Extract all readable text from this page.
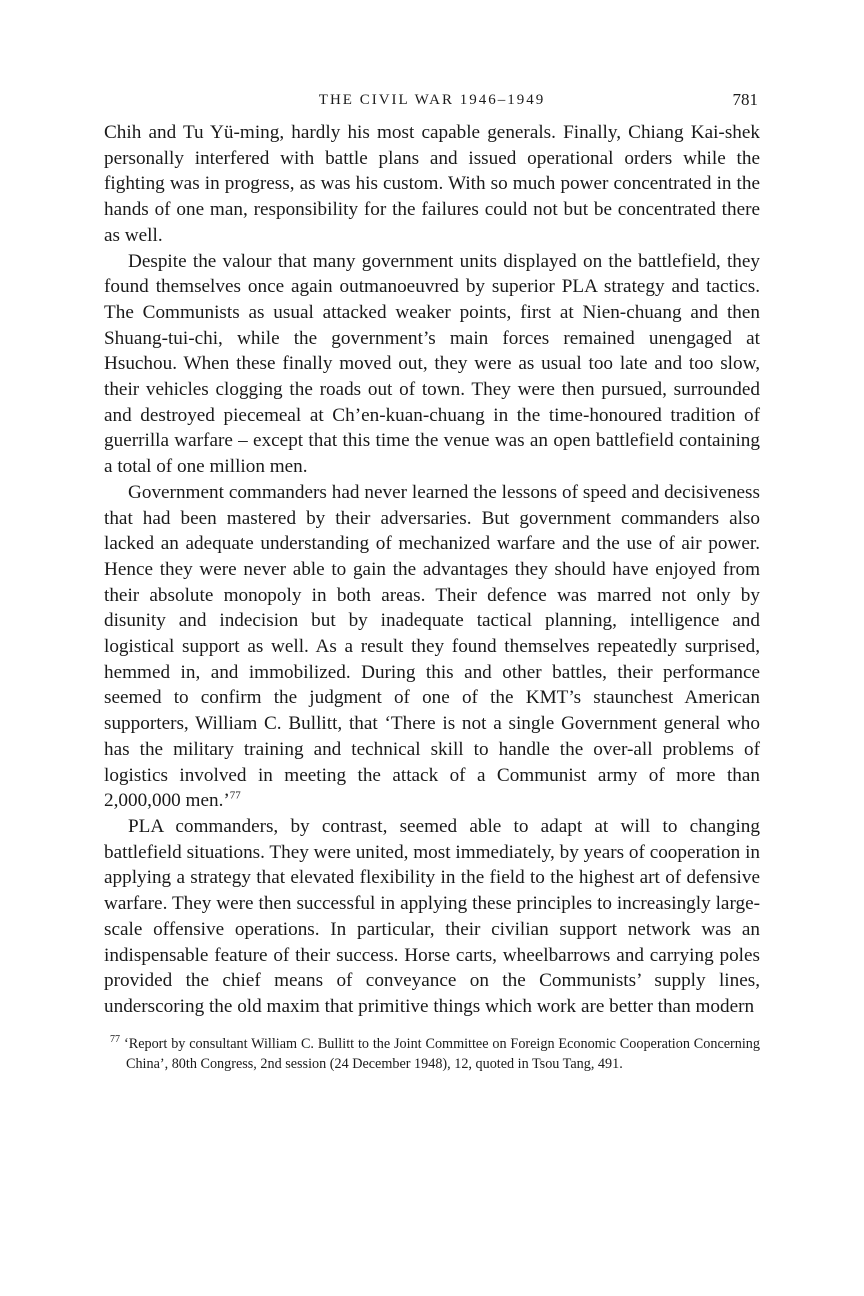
THE CIVIL WAR 1946–1949	781

Chih and Tu Yü-ming, hardly his most capable generals. Finally, Chiang Kai-shek personally interfered with battle plans and issued operational orders while the fighting was in progress, as was his custom. With so much power concentrated in the hands of one man, responsibility for the failures could not but be concentrated there as well.

Despite the valour that many government units displayed on the battlefield, they found themselves once again outmanoeuvred by superior PLA strategy and tactics. The Communists as usual attacked weaker points, first at Nien-chuang and then Shuang-tui-chi, while the government’s main forces remained unengaged at Hsuchou. When these finally moved out, they were as usual too late and too slow, their vehicles clogging the roads out of town. They were then pursued, surrounded and destroyed piecemeal at Ch’en-kuan-chuang in the time-honoured tradition of guerrilla warfare – except that this time the venue was an open battlefield containing a total of one million men.

Government commanders had never learned the lessons of speed and decisiveness that had been mastered by their adversaries. But government commanders also lacked an adequate understanding of mechanized warfare and the use of air power. Hence they were never able to gain the advantages they should have enjoyed from their absolute monopoly in both areas. Their defence was marred not only by disunity and indecision but by inadequate tactical planning, intelligence and logistical support as well. As a result they found themselves repeatedly surprised, hemmed in, and immobilized. During this and other battles, their performance seemed to confirm the judgment of one of the KMT’s staunchest American supporters, William C. Bullitt, that ‘There is not a single Government general who has the military training and technical skill to handle the over-all problems of logistics involved in meeting the attack of a Communist army of more than 2,000,000 men.’$^{77}$

PLA commanders, by contrast, seemed able to adapt at will to changing battlefield situations. They were united, most immediately, by years of cooperation in applying a strategy that elevated flexibility in the field to the highest art of defensive warfare. They were then successful in applying these principles to increasingly large-scale offensive operations. In particular, their civilian support network was an indispensable feature of their success. Horse carts, wheelbarrows and carrying poles provided the chief means of conveyance on the Communists’ supply lines, underscoring the old maxim that primitive things which work are better than modern

$^{77}$ ‘Report by consultant William C. Bullitt to the Joint Committee on Foreign Economic Cooperation Concerning China’, 80th Congress, 2nd session (24 December 1948), 12, quoted in Tsou Tang, 491.
